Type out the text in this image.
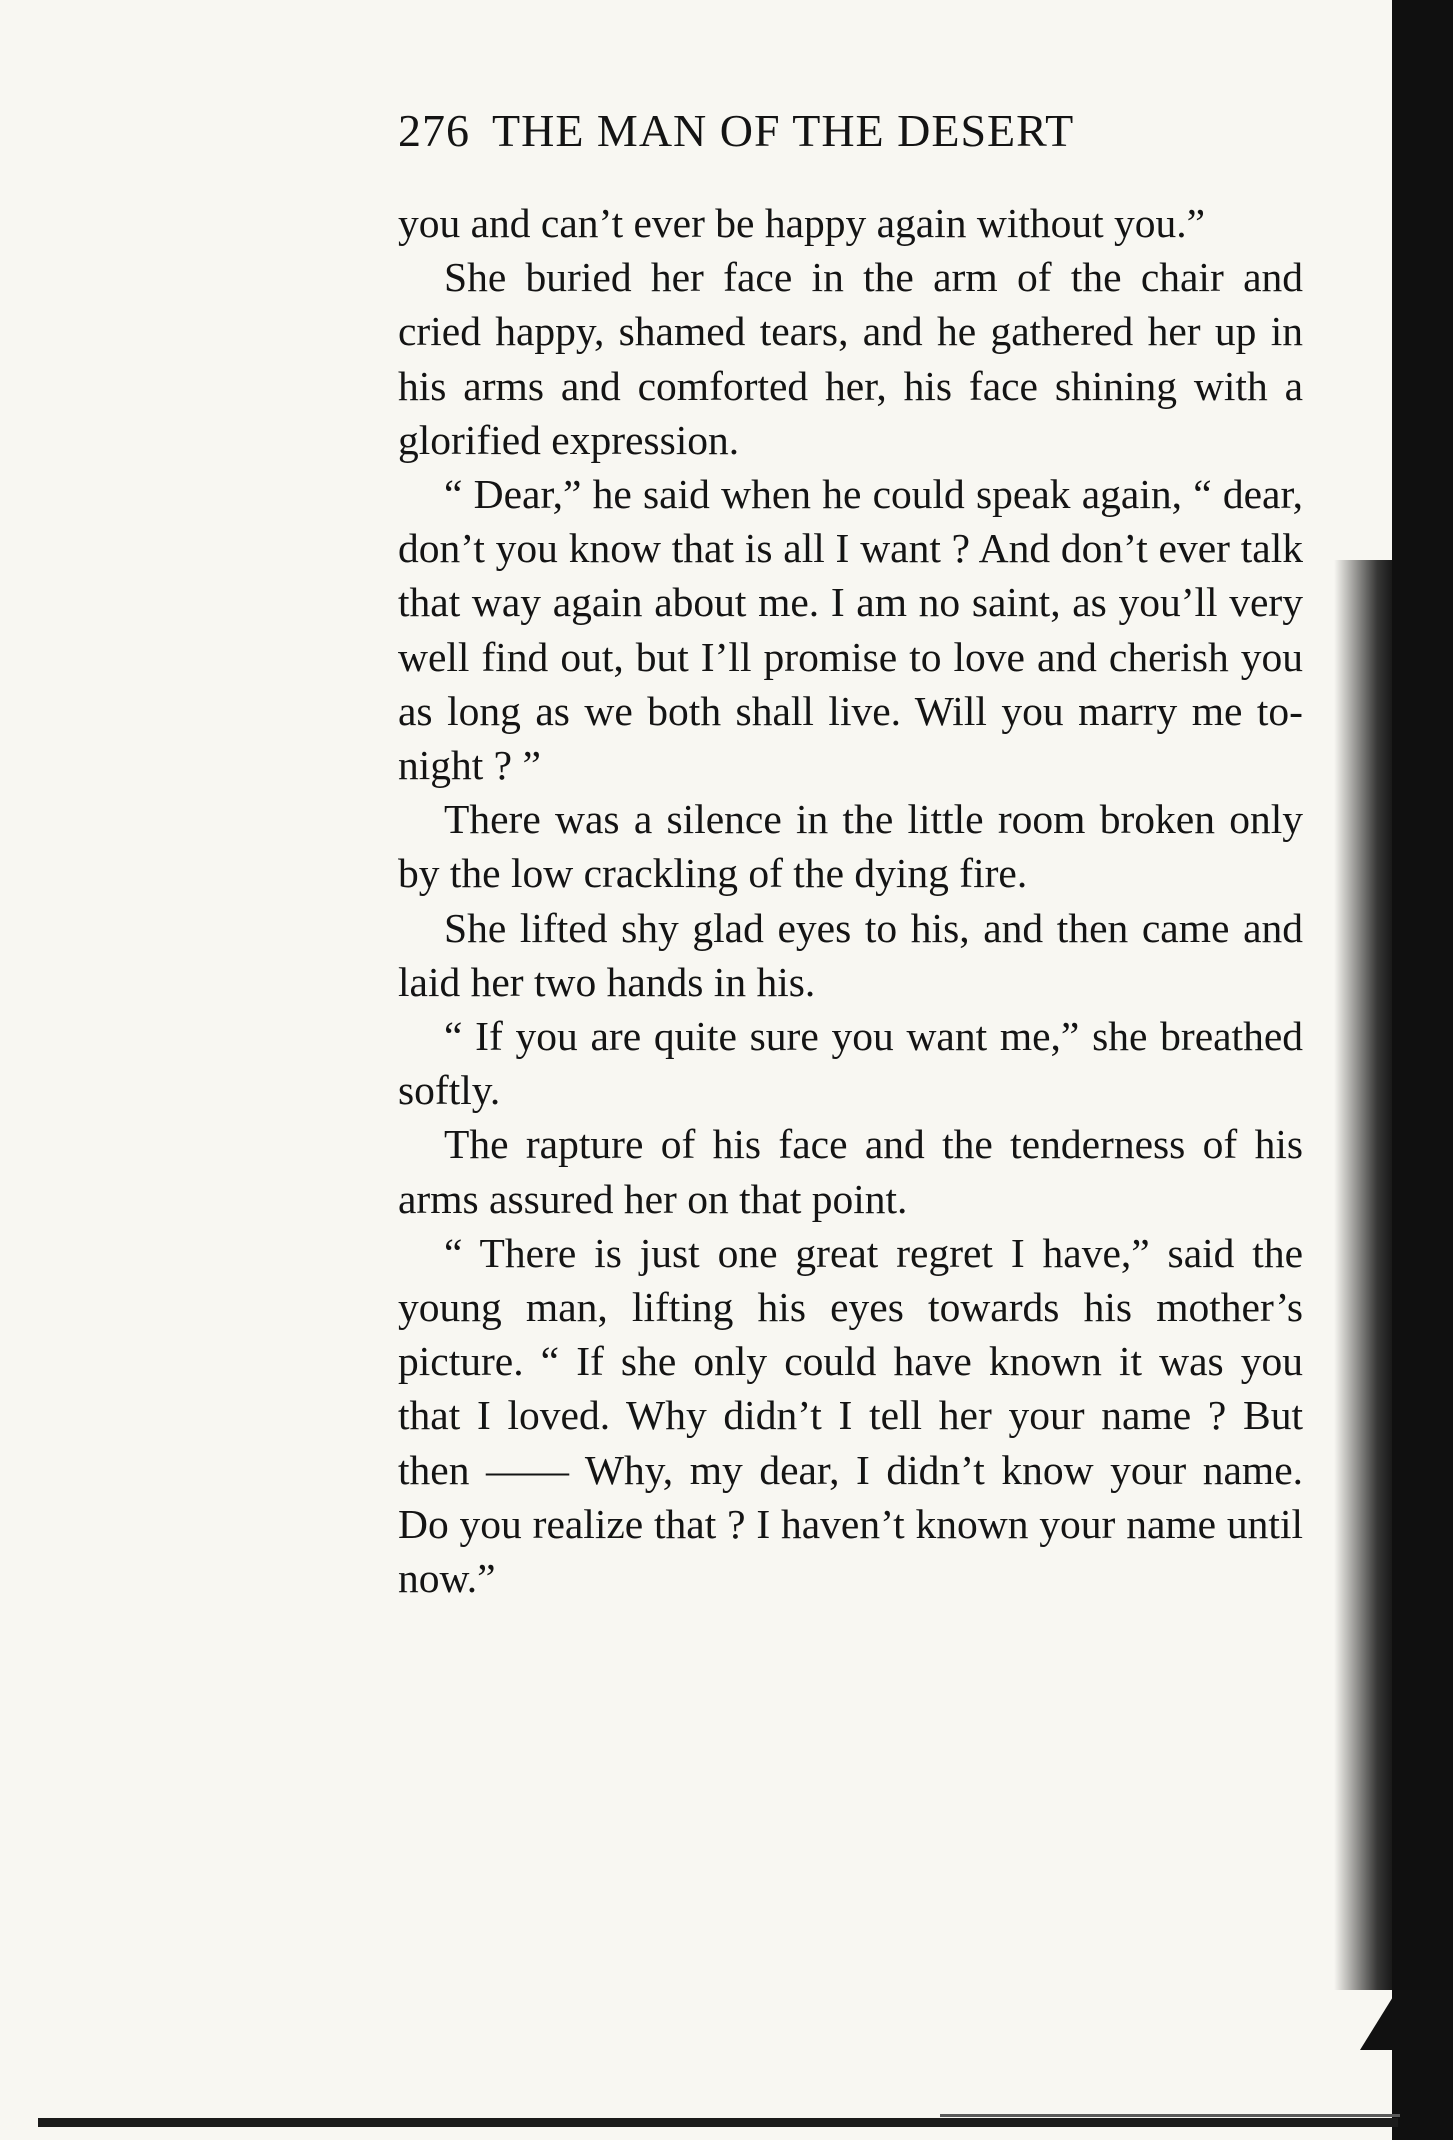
276 THE MAN OF THE DESERT

you and can’t ever be happy again without you.”

She buried her face in the arm of the chair and cried happy, shamed tears, and he gathered her up in his arms and comforted her, his face shining with a glorified expression.

“ Dear,” he said when he could speak again, “ dear, don’t you know that is all I want ? And don’t ever talk that way again about me. I am no saint, as you’ll very well find out, but I’ll promise to love and cherish you as long as we both shall live. Will you marry me to-night ? ”

There was a silence in the little room broken only by the low crackling of the dying fire.

She lifted shy glad eyes to his, and then came and laid her two hands in his.

“ If you are quite sure you want me,” she breathed softly.

The rapture of his face and the tenderness of his arms assured her on that point.

“ There is just one great regret I have,” said the young man, lifting his eyes towards his mother’s picture. “ If she only could have known it was you that I loved. Why didn’t I tell her your name ? But then —— Why, my dear, I didn’t know your name. Do you realize that ? I haven’t known your name until now.”
